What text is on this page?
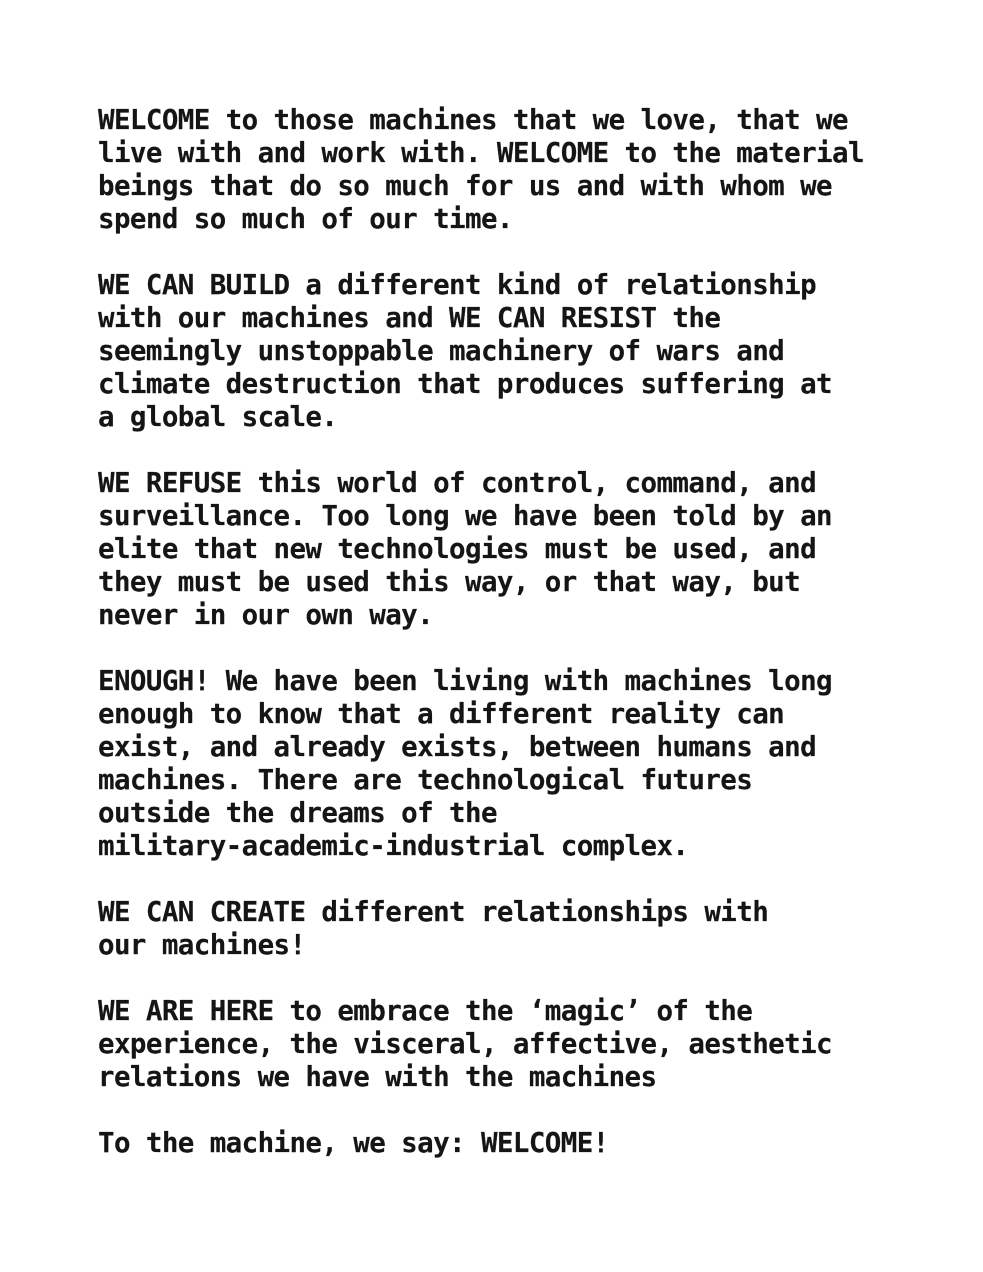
WELCOME to those machines that we love, that we
live with and work with. WELCOME to the material
beings that do so much for us and with whom we
spend so much of our time.
WE CAN BUILD a different kind of relationship
with our machines and WE CAN RESIST the
seemingly unstoppable machinery of wars and
climate destruction that produces suffering at
a global scale.
WE REFUSE this world of control, command, and
surveillance. Too long we have been told by an
elite that new technologies must be used, and
they must be used this way, or that way, but
never in our own way.
ENOUGH! We have been living with machines long
enough to know that a different reality can
exist, and already exists, between humans and
machines. There are technological futures
outside the dreams of the
military-academic-industrial complex.
WE CAN CREATE different relationships with
our machines!
WE ARE HERE to embrace the ‘magic’ of the
experience, the visceral, affective, aesthetic
relations we have with the machines
To the machine, we say: WELCOME!
